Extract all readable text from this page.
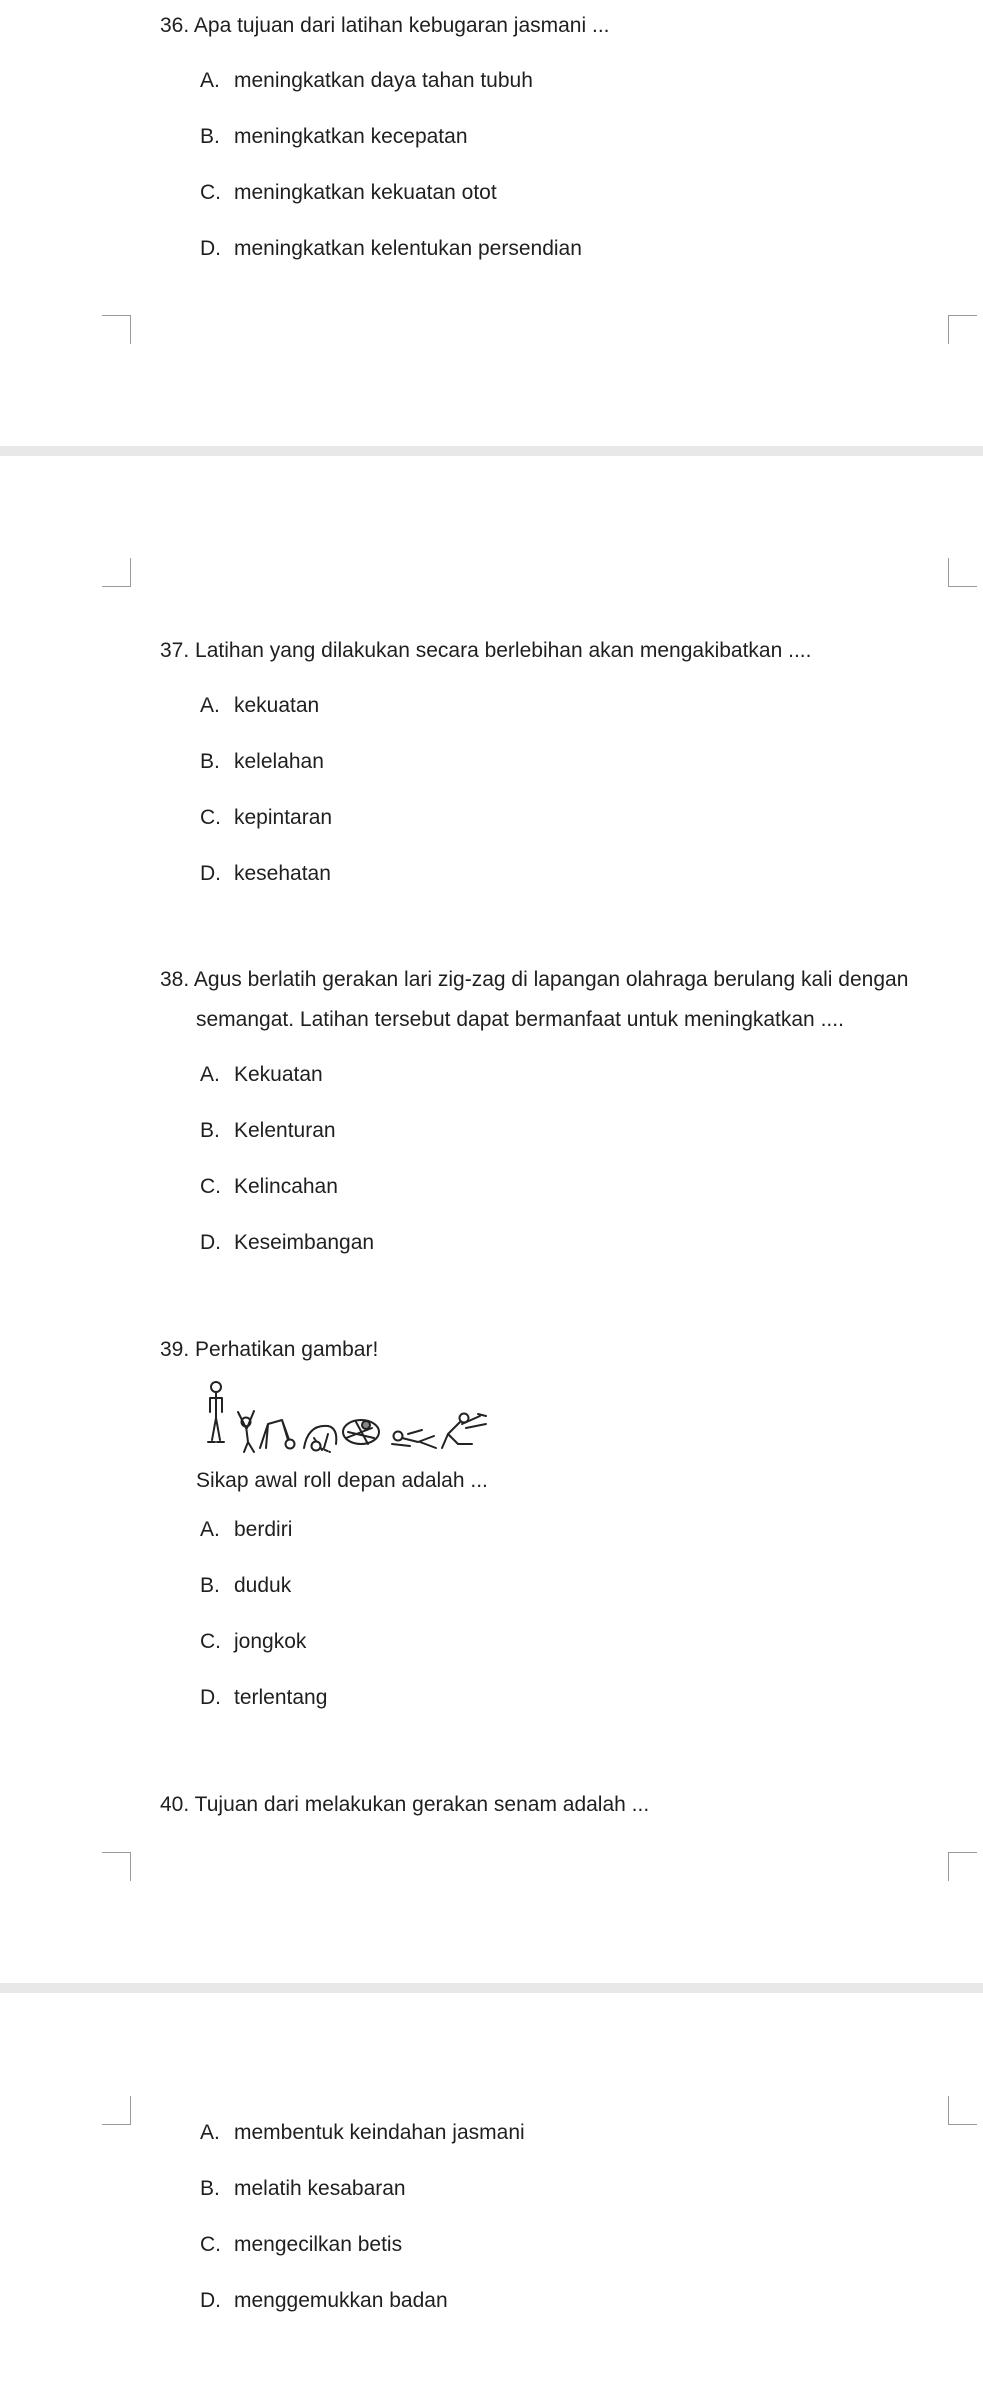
36. Apa tujuan dari latihan kebugaran jasmani ...
A. meningkatkan daya tahan tubuh
B. meningkatkan kecepatan
C. meningkatkan kekuatan otot
D. meningkatkan kelentukan persendian
37. Latihan yang dilakukan secara berlebihan akan mengakibatkan ....
A. kekuatan
B. kelelahan
C. kepintaran
D. kesehatan
38. Agus berlatih gerakan lari zig-zag di lapangan olahraga berulang kali dengan
semangat. Latihan tersebut dapat bermanfaat untuk meningkatkan ....
A. Kekuatan
B. Kelenturan
C. Kelincahan
D. Keseimbangan
39. Perhatikan gambar!
Sikap awal roll depan adalah ...
A. berdiri
B. duduk
C. jongkok
D. terlentang
40. Tujuan dari melakukan gerakan senam adalah ...
A. membentuk keindahan jasmani
B. melatih kesabaran
C. mengecilkan betis
D. menggemukkan badan
